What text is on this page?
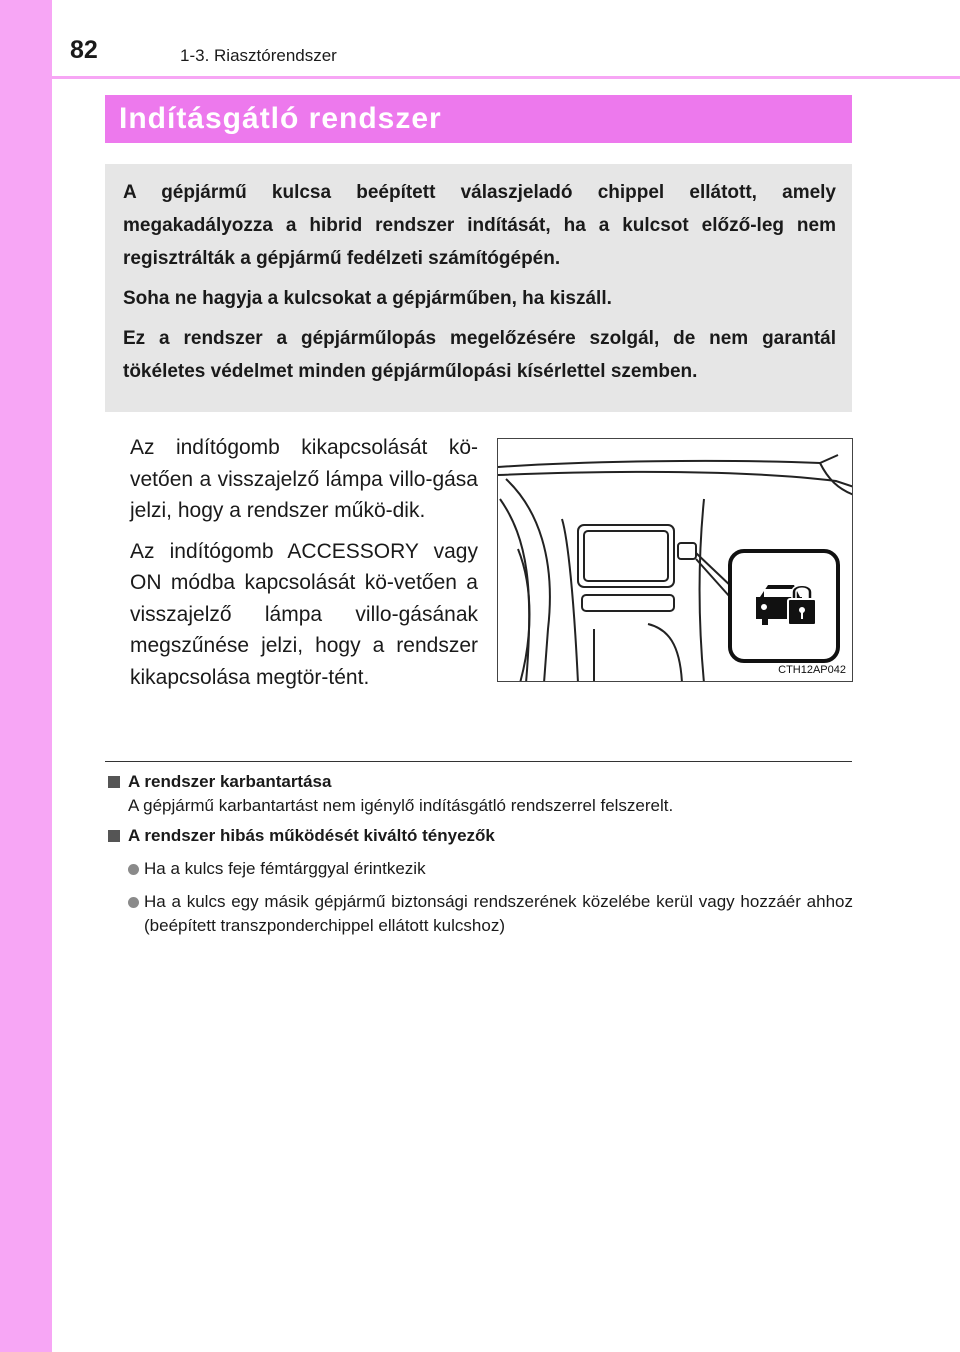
82	1-3. Riasztórendszer
Indításgátló rendszer

A gépjármű kulcsa beépített válaszjeladó chippel ellátott, amely megakadályozza a hibrid rendszer indítását, ha a kulcsot előző-leg nem regisztrálták a gépjármű fedélzeti számítógépén.

Soha ne hagyja a kulcsokat a gépjárműben, ha kiszáll.

Ez a rendszer a gépjárműlopás megelőzésére szolgál, de nem garantál tökéletes védelmet minden gépjárműlopási kísérlettel szemben.

Az indítógomb kikapcsolását kö-vetően a visszajelző lámpa villo-gása jelzi, hogy a rendszer műkö-dik.

Az indítógomb ACCESSORY vagy ON módba kapcsolását kö-vetően a visszajelző lámpa villo-gásának megszűnése jelzi, hogy a rendszer kikapcsolása megtör-tént.	CTH12AP042
A rendszer karbantartása
A gépjármű karbantartást nem igénylő indításgátló rendszerrel felszerelt.
A rendszer hibás működését kiváltó tényezők
Ha a kulcs feje fémtárggyal érintkezik
Ha a kulcs egy másik gépjármű biztonsági rendszerének közelébe kerül vagy hozzáér ahhoz (beépített transzponderchippel ellátott kulcshoz)
